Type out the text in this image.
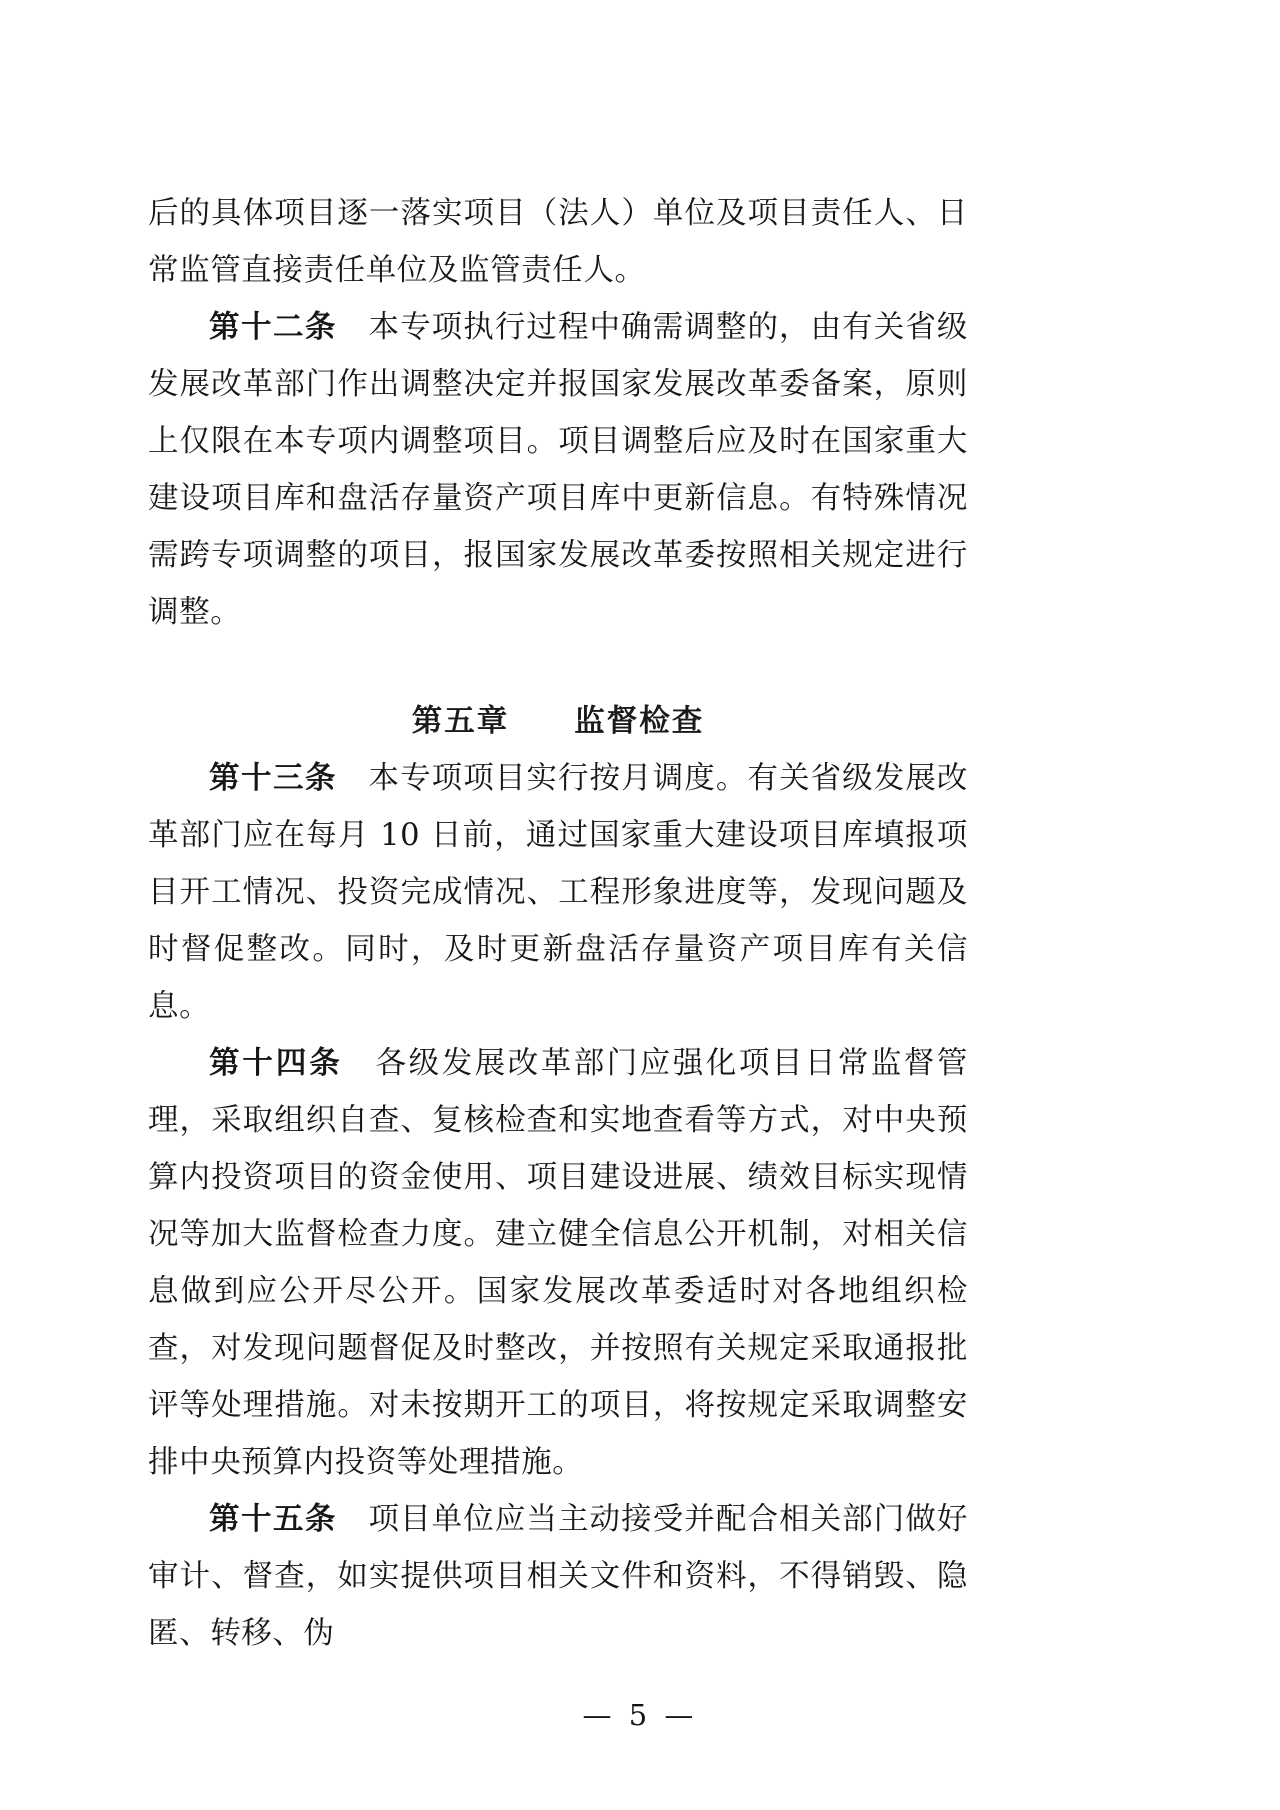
后的具体项目逐一落实项目（法人）单位及项目责任人、日常监管直接责任单位及监管责任人。

第十二条　本专项执行过程中确需调整的，由有关省级发展改革部门作出调整决定并报国家发展改革委备案，原则上仅限在本专项内调整项目。项目调整后应及时在国家重大建设项目库和盘活存量资产项目库中更新信息。有特殊情况需跨专项调整的项目，报国家发展改革委按照相关规定进行调整。

第五章　　监督检查

第十三条　本专项项目实行按月调度。有关省级发展改革部门应在每月 10 日前，通过国家重大建设项目库填报项目开工情况、投资完成情况、工程形象进度等，发现问题及时督促整改。同时，及时更新盘活存量资产项目库有关信息。

第十四条　各级发展改革部门应强化项目日常监督管理，采取组织自查、复核检查和实地查看等方式，对中央预算内投资项目的资金使用、项目建设进展、绩效目标实现情况等加大监督检查力度。建立健全信息公开机制，对相关信息做到应公开尽公开。国家发展改革委适时对各地组织检查，对发现问题督促及时整改，并按照有关规定采取通报批评等处理措施。对未按期开工的项目，将按规定采取调整安排中央预算内投资等处理措施。

第十五条　项目单位应当主动接受并配合相关部门做好审计、督查，如实提供项目相关文件和资料，不得销毁、隐匿、转移、伪

— 5 —
